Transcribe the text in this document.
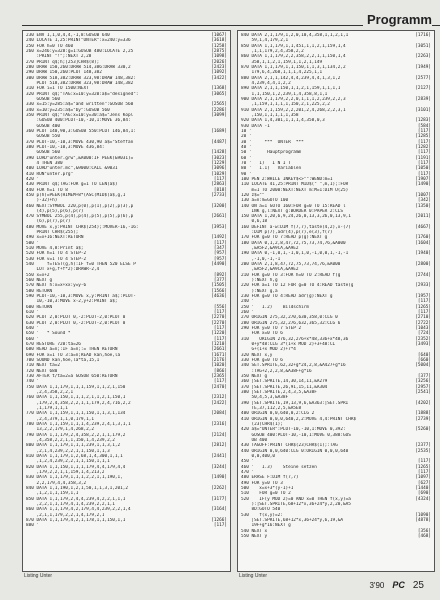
Programm
230 ENV 1,1,0,4,4,-1,8:GOSUB 640	[1067]
240 LOCATE 1,25:PRINT"UNTER":x=240:y=336	[3618]
250 FOR h=0 TO 460	[1258]
260 x=246:y=328:g=1:GOSUB 480:LOCATE 2,25	[2875]
:PRINT "!";:NEXT 2,28	[1098]
270 PRINT q$;h;[253]CHR$(8);	[2026]
280 DRAW 150,260:DRAW 514,386:DRAW 330,2	[2423]
290 DRAW 150,260:PLOT 148,382	[1092]
300 DRAW 518,382:DRAW 323,98:DRAW 148,382:	[3422]
PLOT 518,382:DRAW 323,98:DRAW 148,382
310 FOR i=1 TO 1500:NEXT	[1368]
320 PRINT q$;"TAG:x=10:y=320:a$="designed":	[3065]
GOSUB 560
330 x=15:y=285:a$="and written":GOSUB 560	[2565]
340 x=10:y=235:a$="by":GOSUB 560	[2286]
350 PRINT q$;"TAG:x=10:y=30:a$="Jens Kopl	[3099]
:GOSUB 400:PLOT-10,-10,1:MOVE 36,84:
GOSUB 400
360 PLOT 140,90,3:GOSUB 550:PLOT 146,84,1:	[1689]
GOSUB 550
370 PLOT-10,-10,3:MOVE 430,90 a$="Steffan	[4487]
380 PLOT-10,-10,3:MOVE 436,84:
GOSUB 560	[1428]
390 LOAD"unter.grw",&A000:IF PEEK(&9031)=	[3023]
4 THEN 380	[1229]
400 LOAD"unter.mc",&9000:CALL &9031	[3096]
410 RUN"unter.prg"	[1029]
420 '	[117]
430 PRINT q$;TAG:FOR g=1 TO LEN(a$)	[2863]
440 FOR h=1 TO 8	[818]
450 p(h)=PEEK(HIMEM+8*(ASC(MID$(a$,g,1	[2733]
)-32)+h)
460 NEXT:SYMBOL 220,p(0),p(1),p(2),p(3),p	[3200]
(4),p(5),p(6),p(7)
470 SYMBOL 255,p(4),p(4),p(5),p(5),p(6),p	[2661]
(6),p(7),p(7)
480 MOVE x,y:PRINT CHR$(254);:MOVER-16,-16:	[3953]
PRINT CHR$(255);
490 x=x+16:NEXT:RETURN	[1492]
500 '	[117]
510 MOVE 4,8:Print a$;	[347]
520 FOR h=1 TO 4 STEP-2	[957]
530 FOR v=1 TO 4 STEP-2	[957]
540     f=TEST(g,h):IF f=0 THEN 520 ELSE P	[4490]
LOT x+g,f+f*2):DRAWR-2,4
550 x=x+2	[892]
560 NEXT g	[377]
570 NEXT h:x=x+xx:y=y-6	[1505]
580 RETURN	[1566]
590 PLOT-10,-10,3:MOVE x,y:PRINT a$;:PLOT-	[4636]
10,-10,3:MOVE x-2,y+2:PRINT a$;
600 RETURN	[556]
610 '	[117]
620 PLOT 2,0:PLOT 0,-2:PLOT-2,0:PLOT 0	[2270]
630 PLOT 2,0:PLOT 0,-2:PLOT-2,0:PLOT 0	[2270]
640 '	[117]
650 '   * Sound *	[1220]
660 '	[117]
670 RESTORE 720:ta=26	[1210]
680 READ a=n;:IF a=n;:= THEN RETURN	[2661]
690 FOR x=1 TO 3:a=n;READ kan,hoe,la	[1671]
700 SOUND kan,hoe,la*ta,15,1	[2176]
710 NEXT ta=2	[1020]
720 NEXT 680	[866]
730 AFTER t/ta=2=a GOSUB 650:RETURN	[2365]
740 '	[117]
750 DATA 1,1,179,1,1,1,159,1,1,2,1,150	[2470]
,2,4,358,2,2,1
760 DATA 1,1,150,1,1,1,2,1,1,2,1,150,1	[2312]
,179,2,4,358,2,2,1,1,179,2,4,716,2,2	[2422]
,1,179,1,1,1
770 DATA 1,1,159,1,1,1,150,1,1,3,1,134	[2084]
,2,4,379,1,1,0,179,1,1
780 DATA 1,1,159,1,1,1,4,239,2,4,1,3,1,1	[2316]
13,2,2,179,1,4,268,2,2
790 DATA 1,1,179,2,4,358,2,2,1,1,179,2	[2124]
,4,358,2,2,1,1,150,1,4,239,2,2
800 DATA 1,1,179,1,1,1,239,1,1,3,1,2	[2812]
,2,1,4,239,2,2,1,1,150,1,1,3
810 DATA 1,1,179,1,2,68,1,4,300,1,1,1	[2441]
,1,2,4,239,2,2,1,1,150,1,1,1
820 DATA 1,1,150,1,1,1,179,4,4,179,4,4	[3244]
,179,2,2,1,1,159,1,4,213,2
830 DATA 1,1,179,1,1,1,2,2,1,1,190,1,	[1490]
2,2,179,4,4,358,3,2
840 DATA 1,1,190,1,2,1,50,1,1,3,1,201,2	[2262]
,1,2,1,1,159,1,1
850 DATA 1,1,179,2,4,4,239,4,2,2,1,1,1	[3177]
,2,2,1,1,179,4,1,4,239,2,2,1,1
860 DATA 1,1,179,4,2,179,4,4,239,2,2,1,4	[3164]
,2,1,1,179,2,2,1,4,179,2,1
870 DATA 1,1,179,4,2,1,178,1,1,150,1,1	[1266]
880 '	[117]
Listing Unter
840 DATA 2,1,179,1,2,0,10,4,358,1,1,2,1,1	[1716]
59,1,4,179,2,1
850 DATA 1,1,179,1,1,451,1,1,2,1,159,1,4	[3051]
,1,1,179,2,4,358,2,2
860 DATA 1,1,179,2,2,358,2,2,1,1,150,1,4	[2263]
358,1,1,2,1,159,1,1,2,1,149
870 DATA 1,1,179,1,1,150,1,1,3,1,134,2,2	[1949]
179,6,4,268,1,1,1,4,225,1,1
880 DATA 2,1,1,142,4,4,239,4,4,1,3,1,2	[2577]
4,239,4,4,1,2,2
890 DATA 2,1,1,150,1,1,2,1,159,1,1,1,1	[2127]
1,1,150,1,2,239,1,4,358,8,1,1
900 DATA 2,1,179,2,2,0,1,1,1,2,239,2,2,3	[2839]
,1,159,1,1,1,1,150,2,1,225,2,2
910 DATA 2,1,159,2,2,201,2,4,268,2,2,3,1	[3101]
,150,1,1,1,1,1,358
920 DATA 1,4,301,1,1,1,4,358,0,3	[1283]
930 DATA -1	[584]
10 '	[117]
20 '	[1285]
30 '     ***  UNTER  ***	[117]
40 '	[1282]
50 '      Hauptprogramm	[117]
60 '	[1191]
70 '   1)   I N I T	[117]
80 '   1.1)   Variablen	[1050]
90 '	[117]
100 PEN 2:WHILE INKEY$<>"":WEND:m=1	[1907]
110 LOCATE 41,25:PRINT MID$(" ",m,1);:FOR	[1490]
m=1 TO 2000:NEXT:NEXT m:M=1:DIM U(25)
120 z$=""	[1007]
130 a=n:m=GOTO 100	[342]
140 ON a=1 GOTO 160:FOR g=0 TO 15:READ l	[1350]
INK g,l:NEXT g:BORDER 0:PAPER 2:CLS
150 DATA 1,20,6,9,24,26,0,13,3,26,0,13,9,1	[2011]
0,6,18
160 DEFINT a-w:DIM f(7,7),taste(4,2),x-(7)	[4667]
:DIM p(7),adr(4),p(7),e(3),f(7)
170 FOR g=0 TO 7:READ p(g):NEXT g	[1760]
180 DATA 0,1,2,8,47,72,75,73,74,76,&A000	[1604]
,&A5F2,&A9CA,&A9E2
190 DATA 0,-1,0,1,-1,0,1,0,-1,0,0,1,-1,-1	[1940]
,-1,0,-1,-1
200 DATA 2,1,8,47,72,75,73,74,76,&A000	[2800]
,&A5F2,&A9CA,&A9E2
210 FOR g=0 TO 3:FOR h=0 TO 2:READ f(g	[2744]
):NEXT h,g
220 FOR a=1 TO 12 FOR g=0 TO 4:READ taste(g	[2933]
):NEXT g,a
230 FOR g=0 TO 4:READ adr(g):NEXT g	[1957]
240 '	[117]
250 '   1.2)    Bildschirm	[1265]
260 '	[117]
270 ORIGIN 275,32,270,630,358,0:CLG 0	[2710]
280 ORIGIN 275,32,276,632,365,32:CLG 6	[2722]
290 FOR y=0 TO 7 STEP 2	[1043]
FOR x=0 TO 6	[724]
310    ORIGIN 276,32,276+x*48,336+x*48,36	[2352]
0+y*48:CLG 3*(1+x MOD 2)+3+48:CL	[3493]
G+(1+x MOD 2)+7*4
320 NEXT x,y	[640]
330 FOR g=0 TO 6	[660]
340 SET.SPRITE,62,32+g*24,2,8,&A427+g*16	[5004]
:TAG+2,2,2,8,&A38F+g*16
350 NEXT g	[377]
360 |SET.SPRITE,14,30,14,11,&A279	[3256]
370 |SET.SPRITE,26,91,15,11,&A304	[2957]
380 |SET.SPRITE,2,4,3,5,&A38F	[2541]
50,4,5,3,&A38F
390 |SET.SPRITE,19,13,9,6,&A363:|SET.SPRI	[4202]
TE,37,112,2,5,&A5E8
400 ORIGIN 0,0,640,0,2:CLG 2	[1888]
410 ORIGIN 0,0,0,640,2,2:MOVE 4,4:PRINT CHR$	[2739]
(23)CHR$(1);
420 a$="UNTER":PLOT-10,-10,1:MOVE 0,392:	[5260]
GOSUB 400:PLOT-10,-10,1:MOVE 0,388:GOS
UB 400
430 TAGOFF:PRINT CHR$(23)CHR$(1);:TAG	[2377]
440 ORIGIN 0,0,640:CLG 0:ORIGIN 0,0,0,640	[2535]
0,0,400,0
450 '	[117]
460 '   1.3)    Steine setzen	[1265]
470 '	[117]
480 ERASE F:DIM f(7,7)	[1097]
490 FOR y=0 TO 3	[627]
500    x=x+3*(y-1)+1	[1440]
510    FOR g=0 TO 2	[690]
520    IF(y MOD 2)=0 AND x=0 THEN f(x,y)=a	[4324]
):|SET.SPRITE,68+12*x,36+24*y,2,20,&A5
8D:GOTO 540
530    f(x,y)=2:	[1090]
|SET.SPRITE,68+12*x,36+24*y,6,19,&A	[4878]
19F+g*16:NEXT g
540 NEXT x	[356]
550 NEXT y	[468]
Listing Unter
3'90 PC 25
